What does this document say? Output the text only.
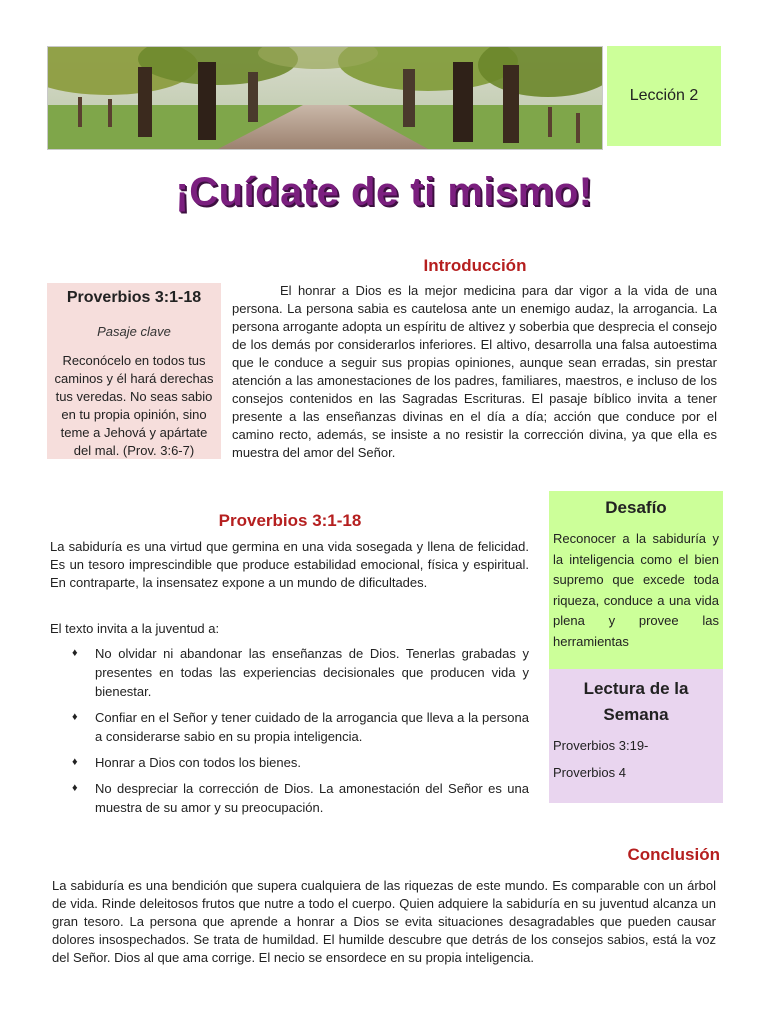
Lección 2
¡Cuídate de ti mismo!
Introducción
Proverbios 3:1-18
Pasaje clave
Reconócelo en todos tus caminos y él hará derechas tus veredas. No seas sabio en tu propia opinión, sino teme a Jehová y apártate del mal. (Prov. 3:6-7)
El honrar a Dios es la mejor medicina para dar vigor a la vida de una persona. La persona sabia es cautelosa ante un enemigo audaz, la arrogancia. La persona arrogante adopta un espíritu de altivez y soberbia que desprecia el consejo de los demás por considerarlos inferiores. El altivo, desarrolla una falsa autoestima que le conduce a seguir sus propias opiniones, aunque sean erradas, sin prestar atención a las amonestaciones de los padres, familiares, maestros, e incluso de los consejos contenidos en las Sagradas Escrituras. El pasaje bíblico invita a tener presente a las enseñanzas divinas en el día a día; acción que conduce por el camino recto, además, se insiste a no resistir la corrección divina, ya que ella es muestra del amor del Señor.
Proverbios 3:1-18
La sabiduría es una virtud que germina en una vida sosegada y llena de felicidad. Es un tesoro imprescindible que produce estabilidad emocional, física y espiritual. En contraparte, la insensatez expone a un mundo de dificultades.
El texto invita a la juventud a:
♦ No olvidar ni abandonar las enseñanzas de Dios. Tenerlas grabadas y presentes en todas las experiencias decisionales que producen vida y bienestar.
♦ Confiar en el Señor y tener cuidado de la arrogancia que lleva a la persona a considerarse sabio en su propia inteligencia.
♦ Honrar a Dios con todos los bienes.
♦ No despreciar la corrección de Dios. La amonestación del Señor es una muestra de su amor y su preocupación.
Desafío
Reconocer a la sabiduría y la inteligencia como el bien supremo que excede toda riqueza, conduce a una vida plena y provee las herramientas
Lectura de la Semana
Proverbios 3:19-
Proverbios 4
Conclusión
La sabiduría es una bendición que supera cualquiera de las riquezas de este mundo. Es comparable con un árbol de vida. Rinde deleitosos frutos que nutre a todo el cuerpo. Quien adquiere la sabiduría en su juventud alcanza un gran tesoro. La persona que aprende a honrar a Dios se evita situaciones desagradables que pueden causar dolores insospechados. Se trata de humildad. El humilde descubre que detrás de los consejos sabios, está la voz del Señor. Dios al que ama corrige. El necio se ensordece en su propia inteligencia.
